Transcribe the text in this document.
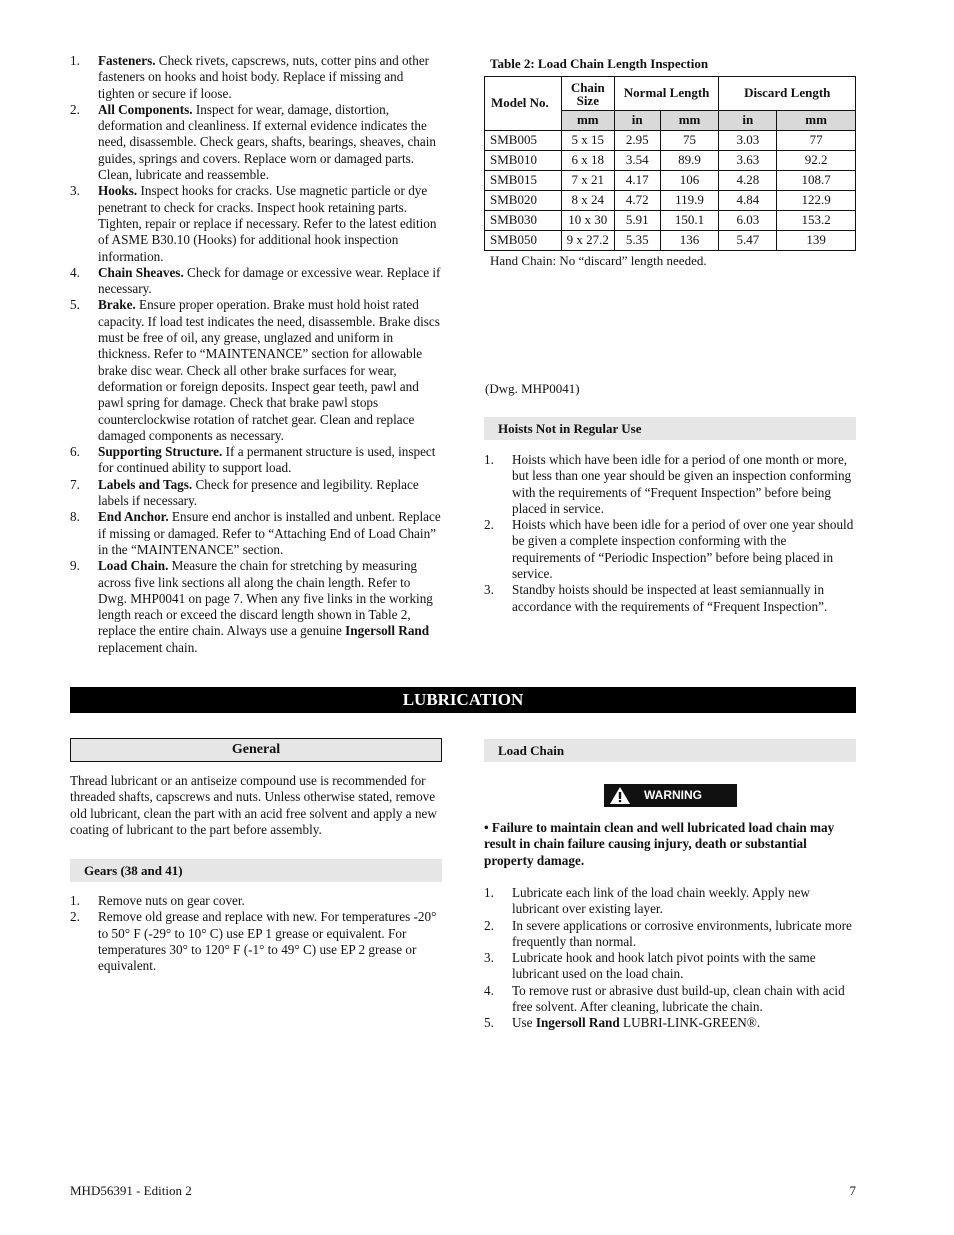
1. Fasteners. Check rivets, capscrews, nuts, cotter pins and other fasteners on hooks and hoist body. Replace if missing and tighten or secure if loose.
2. All Components. Inspect for wear, damage, distortion, deformation and cleanliness. If external evidence indicates the need, disassemble. Check gears, shafts, bearings, sheaves, chain guides, springs and covers. Replace worn or damaged parts. Clean, lubricate and reassemble.
3. Hooks. Inspect hooks for cracks. Use magnetic particle or dye penetrant to check for cracks. Inspect hook retaining parts. Tighten, repair or replace if necessary. Refer to the latest edition of ASME B30.10 (Hooks) for additional hook inspection information.
4. Chain Sheaves. Check for damage or excessive wear. Replace if necessary.
5. Brake. Ensure proper operation. Brake must hold hoist rated capacity. If load test indicates the need, disassemble. Brake discs must be free of oil, any grease, unglazed and uniform in thickness. Refer to “MAINTENANCE” section for allowable brake disc wear. Check all other brake surfaces for wear, deformation or foreign deposits. Inspect gear teeth, pawl and pawl spring for damage. Check that brake pawl stops counterclockwise rotation of ratchet gear. Clean and replace damaged components as necessary.
6. Supporting Structure. If a permanent structure is used, inspect for continued ability to support load.
7. Labels and Tags. Check for presence and legibility. Replace labels if necessary.
8. End Anchor. Ensure end anchor is installed and unbent. Replace if missing or damaged. Refer to “Attaching End of Load Chain” in the “MAINTENANCE” section.
9. Load Chain. Measure the chain for stretching by measuring across five link sections all along the chain length. Refer to Dwg. MHP0041 on page 7. When any five links in the working length reach or exceed the discard length shown in Table 2, replace the entire chain. Always use a genuine Ingersoll Rand replacement chain.
Table 2: Load Chain Length Inspection
Model No.	Chain Size	Normal Length		Discard Length	
	mm	in	mm	in	mm
SMB005	5 x 15	2.95	75	3.03	77
SMB010	6 x 18	3.54	89.9	3.63	92.2
SMB015	7 x 21	4.17	106	4.28	108.7
SMB020	8 x 24	4.72	119.9	4.84	122.9
SMB030	10 x 30	5.91	150.1	6.03	153.2
SMB050	9 x 27.2	5.35	136	5.47	139
Hand Chain: No “discard” length needed.
(Dwg. MHP0041)
Hoists Not in Regular Use
1. Hoists which have been idle for a period of one month or more, but less than one year should be given an inspection conforming with the requirements of “Frequent Inspection” before being placed in service.
2. Hoists which have been idle for a period of over one year should be given a complete inspection conforming with the requirements of “Periodic Inspection” before being placed in service.
3. Standby hoists should be inspected at least semiannually in accordance with the requirements of “Frequent Inspection”.
LUBRICATION
General
Thread lubricant or an antiseize compound use is recommended for threaded shafts, capscrews and nuts. Unless otherwise stated, remove old lubricant, clean the part with an acid free solvent and apply a new coating of lubricant to the part before assembly.
Gears (38 and 41)
1. Remove nuts on gear cover.
2. Remove old grease and replace with new. For temperatures -20° to 50° F (-29° to 10° C) use EP 1 grease or equivalent. For temperatures 30° to 120° F (-1° to 49° C) use EP 2 grease or equivalent.
Load Chain
WARNING
• Failure to maintain clean and well lubricated load chain may result in chain failure causing injury, death or substantial property damage.
1. Lubricate each link of the load chain weekly. Apply new lubricant over existing layer.
2. In severe applications or corrosive environments, lubricate more frequently than normal.
3. Lubricate hook and hook latch pivot points with the same lubricant used on the load chain.
4. To remove rust or abrasive dust build-up, clean chain with acid free solvent. After cleaning, lubricate the chain.
5. Use Ingersoll Rand LUBRI-LINK-GREEN®.
MHD56391 - Edition 2	7
